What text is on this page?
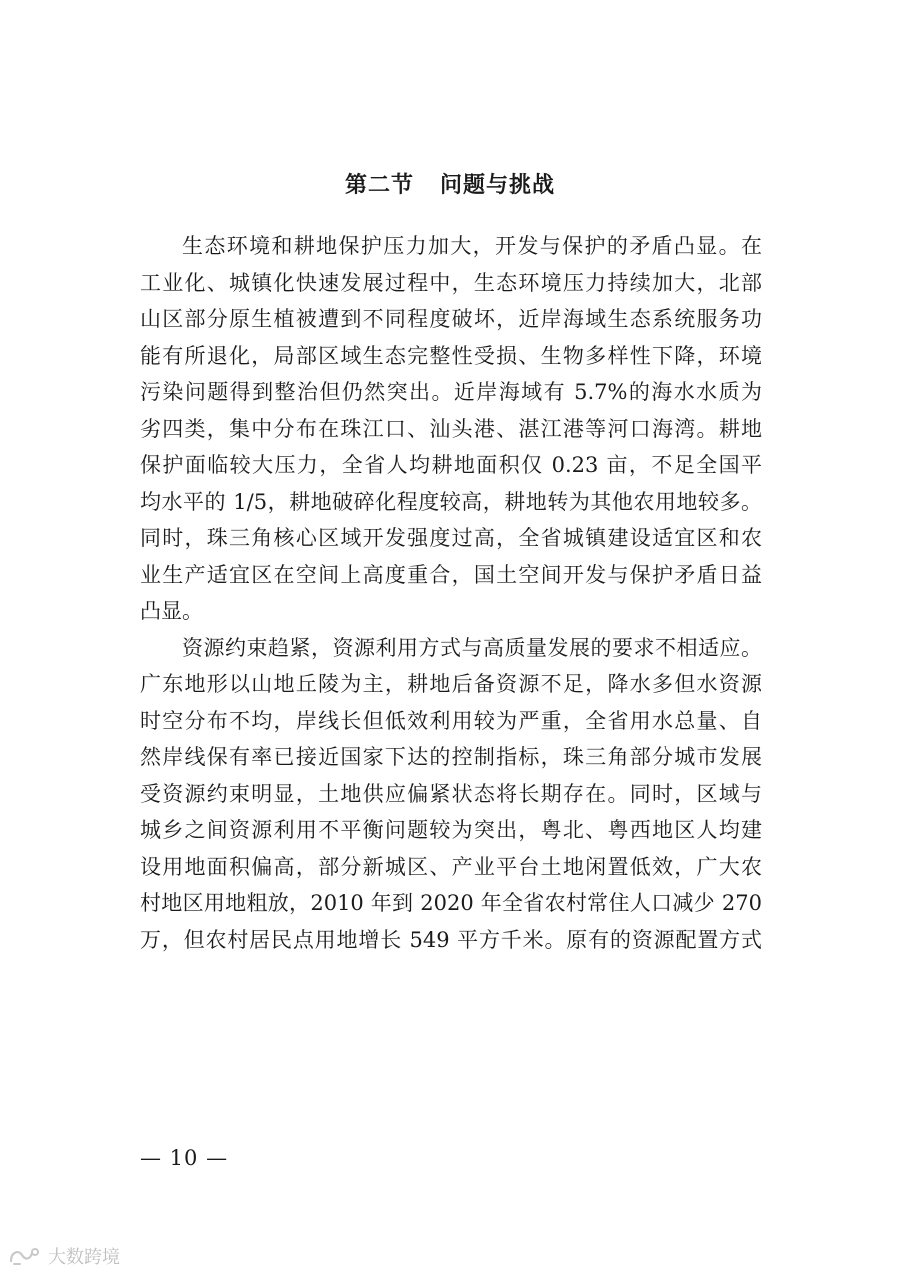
第二节 问题与挑战
生态环境和耕地保护压力加大，开发与保护的矛盾凸显。在
工业化、城镇化快速发展过程中，生态环境压力持续加大，北部
山区部分原生植被遭到不同程度破坏，近岸海域生态系统服务功
能有所退化，局部区域生态完整性受损、生物多样性下降，环境
污染问题得到整治但仍然突出。近岸海域有 5.7%的海水水质为
劣四类，集中分布在珠江口、汕头港、湛江港等河口海湾。耕地
保护面临较大压力，全省人均耕地面积仅 0.23 亩，不足全国平
均水平的 1/5，耕地破碎化程度较高，耕地转为其他农用地较多。
同时，珠三角核心区域开发强度过高，全省城镇建设适宜区和农
业生产适宜区在空间上高度重合，国土空间开发与保护矛盾日益
凸显。
资源约束趋紧，资源利用方式与高质量发展的要求不相适应。
广东地形以山地丘陵为主，耕地后备资源不足，降水多但水资源
时空分布不均，岸线长但低效利用较为严重，全省用水总量、自
然岸线保有率已接近国家下达的控制指标，珠三角部分城市发展
受资源约束明显，土地供应偏紧状态将长期存在。同时，区域与
城乡之间资源利用不平衡问题较为突出，粤北、粤西地区人均建
设用地面积偏高，部分新城区、产业平台土地闲置低效，广大农
村地区用地粗放，2010 年到 2020 年全省农村常住人口减少 270
万，但农村居民点用地增长 549 平方千米。原有的资源配置方式
— 10 —
大数跨境
